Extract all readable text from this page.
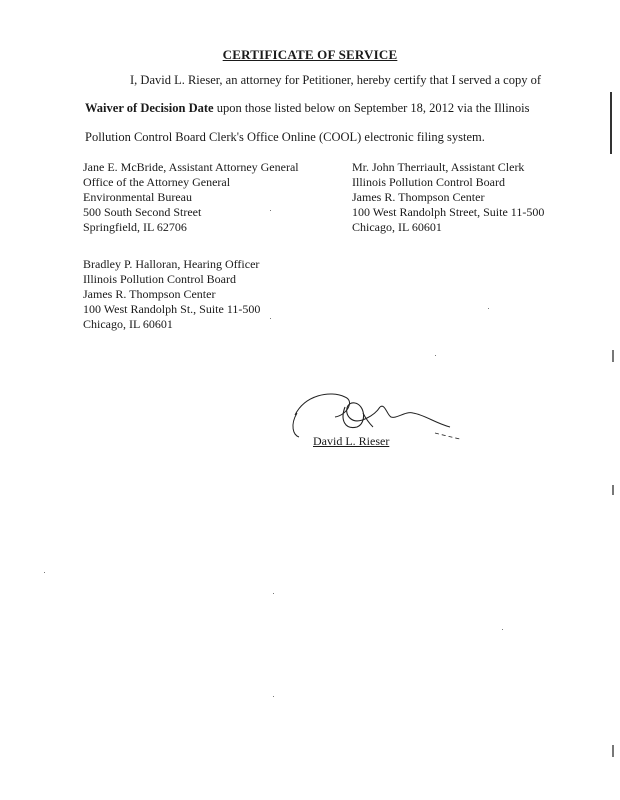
CERTIFICATE OF SERVICE
I, David L. Rieser, an attorney for Petitioner, hereby certify that I served a copy of
Waiver of Decision Date upon those listed below on September 18, 2012 via the Illinois
Pollution Control Board Clerk's Office Online (COOL) electronic filing system.
Jane E. McBride, Assistant Attorney General
Office of the Attorney General
Environmental Bureau
500 South Second Street
Springfield, IL 62706
Mr. John Therriault, Assistant Clerk
Illinois Pollution Control Board
James R. Thompson Center
100 West Randolph Street, Suite 11-500
Chicago, IL 60601
Bradley P. Halloran, Hearing Officer
Illinois Pollution Control Board
James R. Thompson Center
100 West Randolph St., Suite 11-500
Chicago, IL 60601
David L. Rieser
